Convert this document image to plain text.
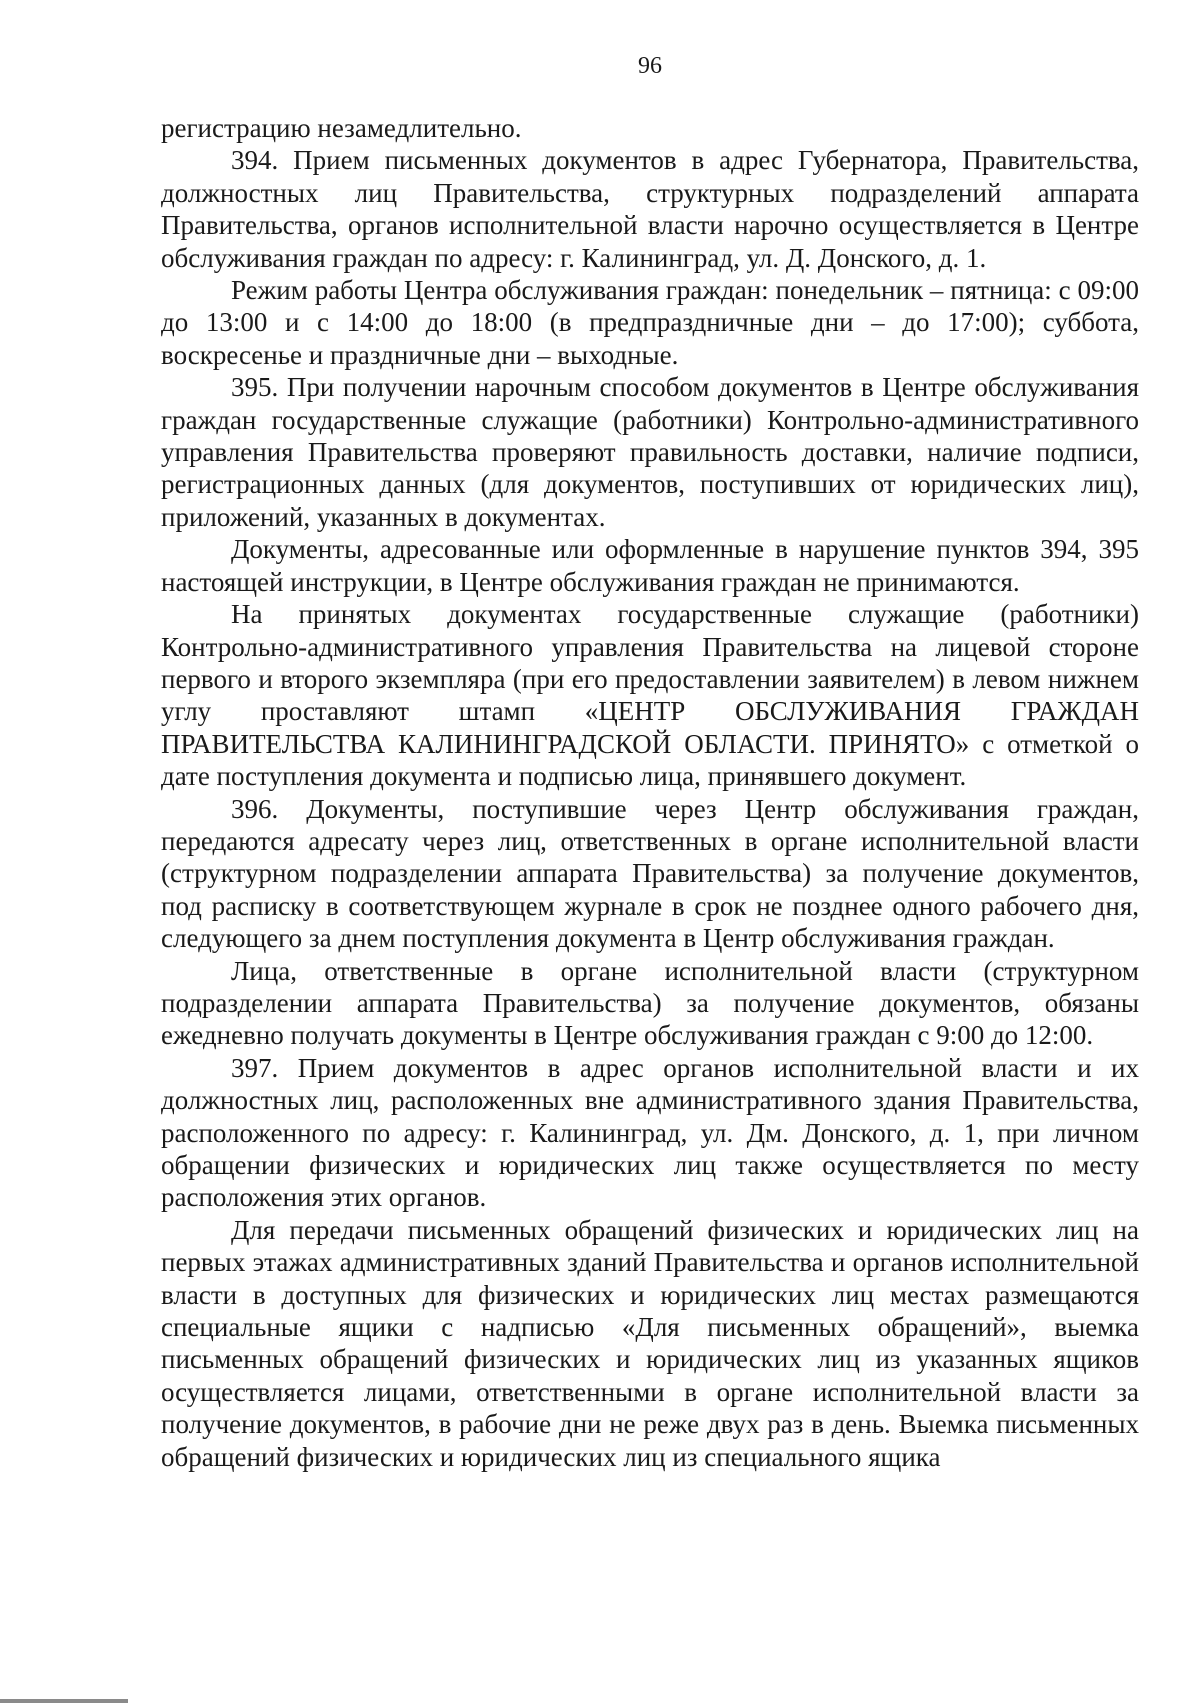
96

регистрацию незамедлительно.

394. Прием письменных документов в адрес Губернатора, Правительства, должностных лиц Правительства, структурных подразделений аппарата Правительства, органов исполнительной власти нарочно осуществляется в Центре обслуживания граждан по адресу: г. Калининград, ул. Д. Донского, д. 1.

Режим работы Центра обслуживания граждан: понедельник – пятница: с 09:00 до 13:00 и с 14:00 до 18:00 (в предпраздничные дни – до 17:00); суббота, воскресенье и праздничные дни – выходные.

395. При получении нарочным способом документов в Центре обслуживания граждан государственные служащие (работники) Контрольно-административного управления Правительства проверяют правильность доставки, наличие подписи, регистрационных данных (для документов, поступивших от юридических лиц), приложений, указанных в документах.

Документы, адресованные или оформленные в нарушение пунктов 394, 395 настоящей инструкции, в Центре обслуживания граждан не принимаются.

На принятых документах государственные служащие (работники) Контрольно-административного управления Правительства на лицевой стороне первого и второго экземпляра (при его предоставлении заявителем) в левом нижнем углу проставляют штамп «ЦЕНТР ОБСЛУЖИВАНИЯ ГРАЖДАН ПРАВИТЕЛЬСТВА КАЛИНИНГРАДСКОЙ ОБЛАСТИ. ПРИНЯТО» с отметкой о дате поступления документа и подписью лица, принявшего документ.

396. Документы, поступившие через Центр обслуживания граждан, передаются адресату через лиц, ответственных в органе исполнительной власти (структурном подразделении аппарата Правительства) за получение документов, под расписку в соответствующем журнале в срок не позднее одного рабочего дня, следующего за днем поступления документа в Центр обслуживания граждан.

Лица, ответственные в органе исполнительной власти (структурном подразделении аппарата Правительства) за получение документов, обязаны ежедневно получать документы в Центре обслуживания граждан с 9:00 до 12:00.

397. Прием документов в адрес органов исполнительной власти и их должностных лиц, расположенных вне административного здания Правительства, расположенного по адресу: г. Калининград, ул. Дм. Донского, д. 1, при личном обращении физических и юридических лиц также осуществляется по месту расположения этих органов.

Для передачи письменных обращений физических и юридических лиц на первых этажах административных зданий Правительства и органов исполнительной власти в доступных для физических и юридических лиц местах размещаются специальные ящики с надписью «Для письменных обращений», выемка письменных обращений физических и юридических лиц из указанных ящиков осуществляется лицами, ответственными в органе исполнительной власти за получение документов, в рабочие дни не реже двух раз в день. Выемка письменных обращений физических и юридических лиц из специального ящика
